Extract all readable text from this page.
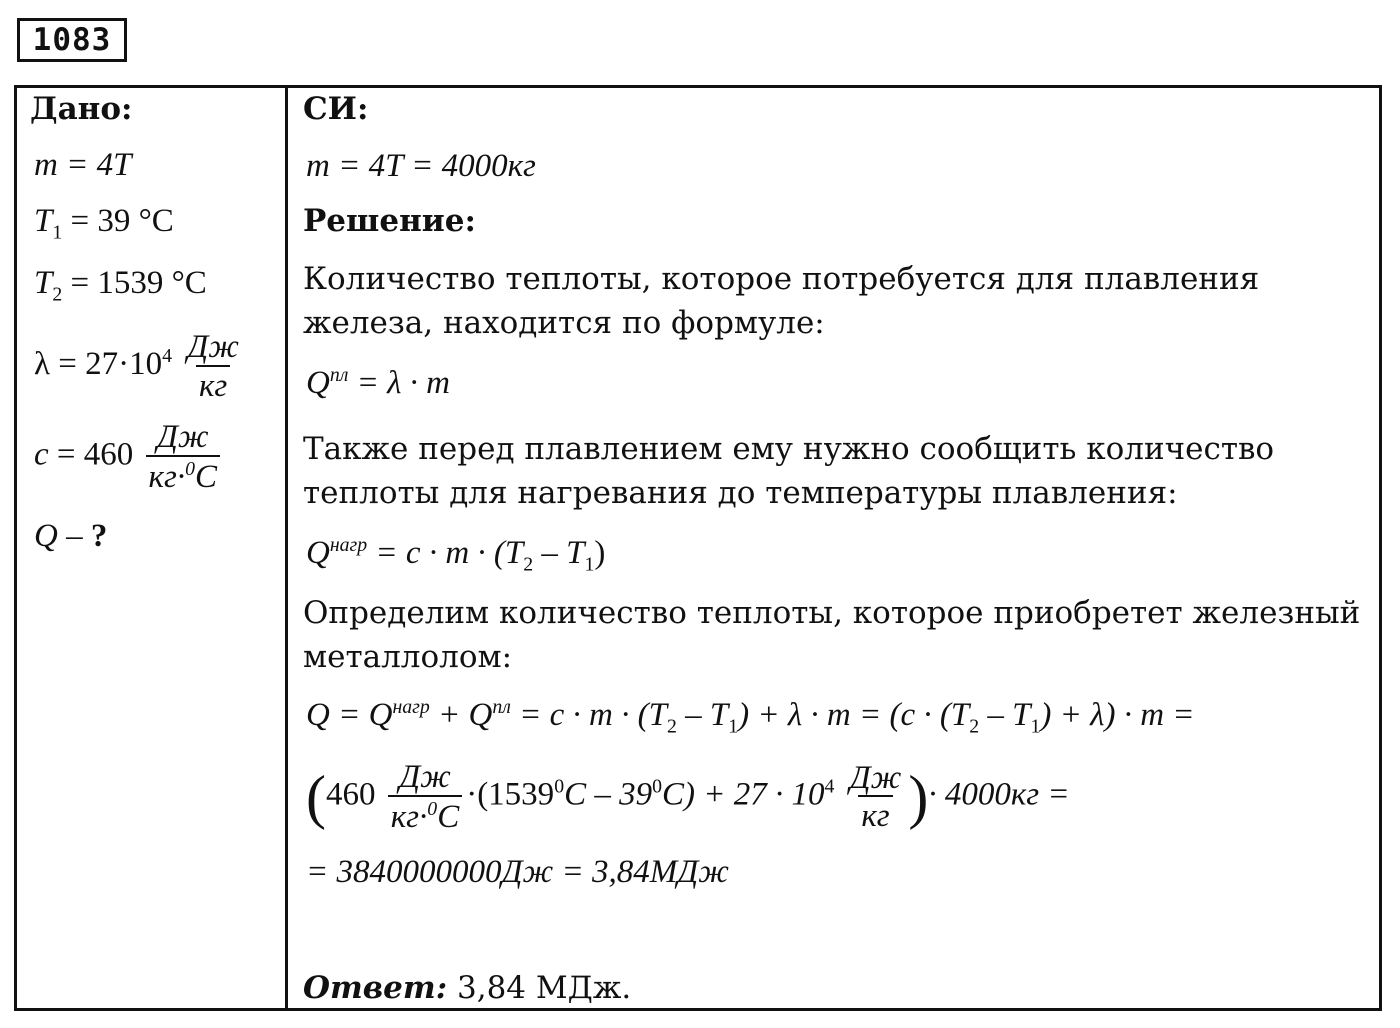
1083
Дано:
m = 4T
$T_1 = 39$ °C
$T_2 = 1539$ °C
$\lambda = 27\cdot 10^4 \frac{Дж}{кг}$
$c = 460 \frac{Дж}{кг\cdot^0C}$
Q – ?
СИ:
m = 4T = 4000кг
Решение:
Количество теплоты, которое потребуется для плавления железа, находится по формуле:
$Q^{пл} = \lambda \cdot m$
Также перед плавлением ему нужно сообщить количество теплоты для нагревания до температуры плавления:
$Q^{нагр} = c \cdot m \cdot (T_2 - T_1)$
Определим количество теплоты, которое приобретет железный металлолом:
$Q = Q^{нагр} + Q^{пл} = c \cdot m \cdot (T_2 - T_1) + \lambda \cdot m = (c \cdot (T_2 - T_1) + \lambda) \cdot m$ =
($460 \frac{Дж}{кг\cdot^0C} \cdot(1539^0C - 39^0C) + 27 \cdot 10^4 \frac{Дж}{кг}$ )· 4000кг =
= 3840000000Дж = 3,84МДж
Ответ: 3,84 МДж.
